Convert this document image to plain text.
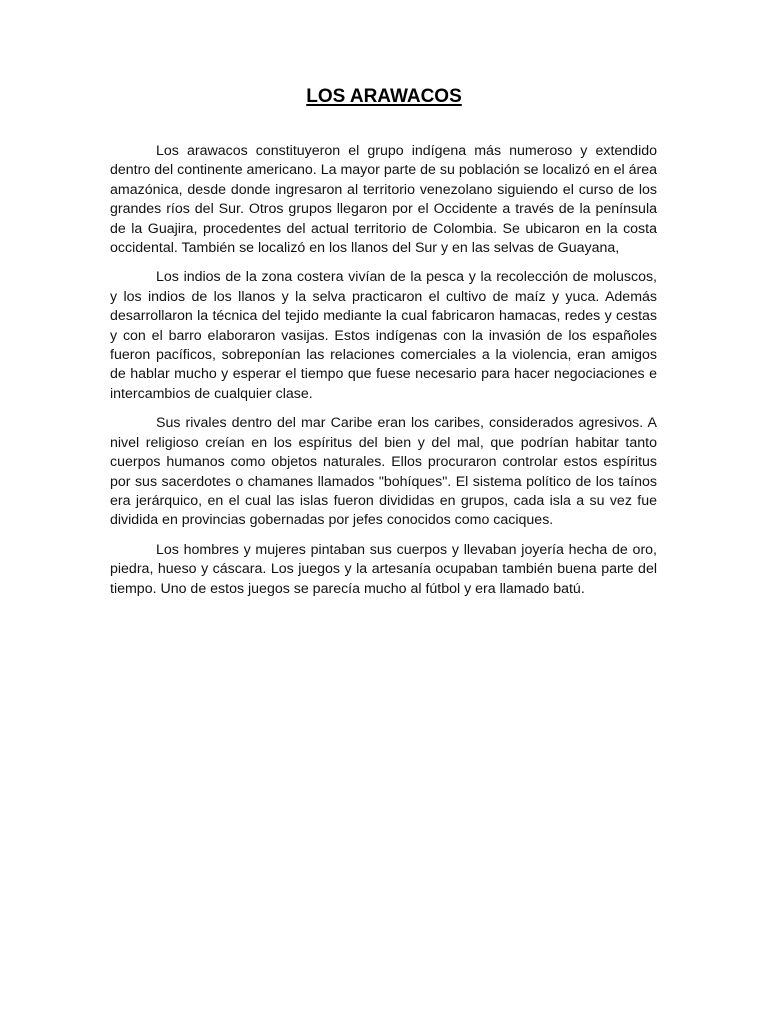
LOS ARAWACOS

Los arawacos constituyeron el grupo indígena más numeroso y extendido dentro del continente americano. La mayor parte de su población se localizó en el área amazónica, desde donde ingresaron al territorio venezolano siguiendo el curso de los grandes ríos del Sur. Otros grupos llegaron por el Occidente a través de la península de la Guajira, procedentes del actual territorio de Colombia. Se ubicaron en la costa occidental. También se localizó en los llanos del Sur y en las selvas de Guayana,

Los indios de la zona costera vivían de la pesca y la recolección de moluscos, y los indios de los llanos y la selva practicaron el cultivo de maíz y yuca. Además desarrollaron la técnica del tejido mediante la cual fabricaron hamacas, redes y cestas y con el barro elaboraron vasijas. Estos indígenas con la invasión de los españoles fueron pacíficos, sobreponían las relaciones comerciales a la violencia, eran amigos de hablar mucho y esperar el tiempo que fuese necesario para hacer negociaciones e intercambios de cualquier clase.

Sus rivales dentro del mar Caribe eran los caribes, considerados agresivos. A nivel religioso creían en los espíritus del bien y del mal, que podrían habitar tanto cuerpos humanos como objetos naturales. Ellos procuraron controlar estos espíritus por sus sacerdotes o chamanes llamados "bohíques". El sistema político de los taínos era jerárquico, en el cual las islas fueron divididas en grupos, cada isla a su vez fue dividida en provincias gobernadas por jefes conocidos como caciques.

Los hombres y mujeres pintaban sus cuerpos y llevaban joyería hecha de oro, piedra, hueso y cáscara. Los juegos y la artesanía ocupaban también buena parte del tiempo. Uno de estos juegos se parecía mucho al fútbol y era llamado batú.
